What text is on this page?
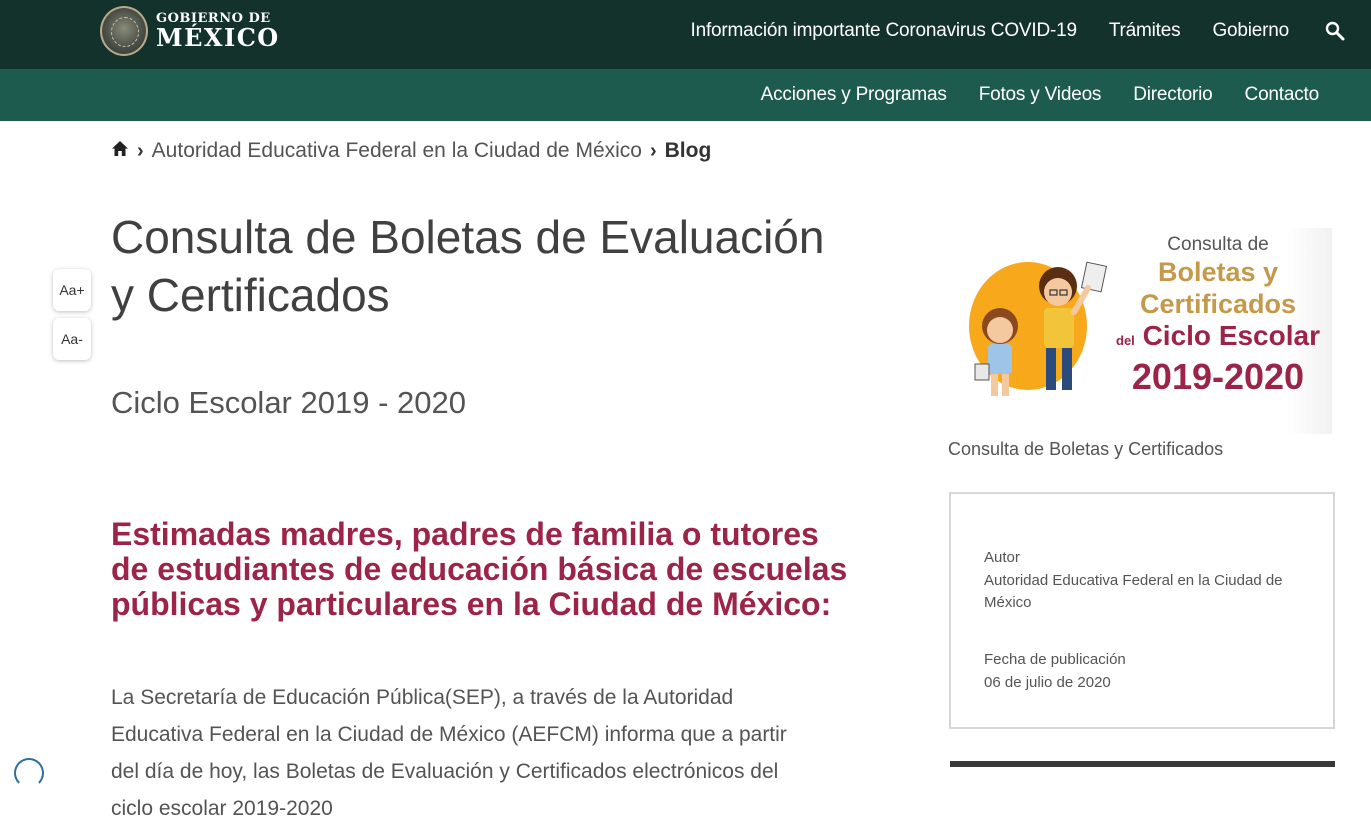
GOBIERNO DE
MÉXICO	Información importante Coronavirus COVID-19 Trámites Gobierno
Acciones y Programas Fotos y Videos Directorio Contacto
› Autoridad Educativa Federal en la Ciudad de México › Blog
Aa+
Aa-
Consulta de Boletas de Evaluación y Certificados
Ciclo Escolar 2019 - 2020
Estimadas madres, padres de familia o tutores de estudiantes de educación básica de escuelas públicas y particulares en la Ciudad de México:

La Secretaría de Educación Pública(SEP), a través de la Autoridad Educativa Federal en la Ciudad de México (AEFCM) informa que a partir del día de hoy, las Boletas de Evaluación y Certificados electrónicos del ciclo escolar 2019-2020

Consulta de
Boletas y
Certificados
del Ciclo Escolar
2019-2020
Consulta de Boletas y Certificados
Autor
Autoridad Educativa Federal en la Ciudad de México
Fecha de publicación
06 de julio de 2020
